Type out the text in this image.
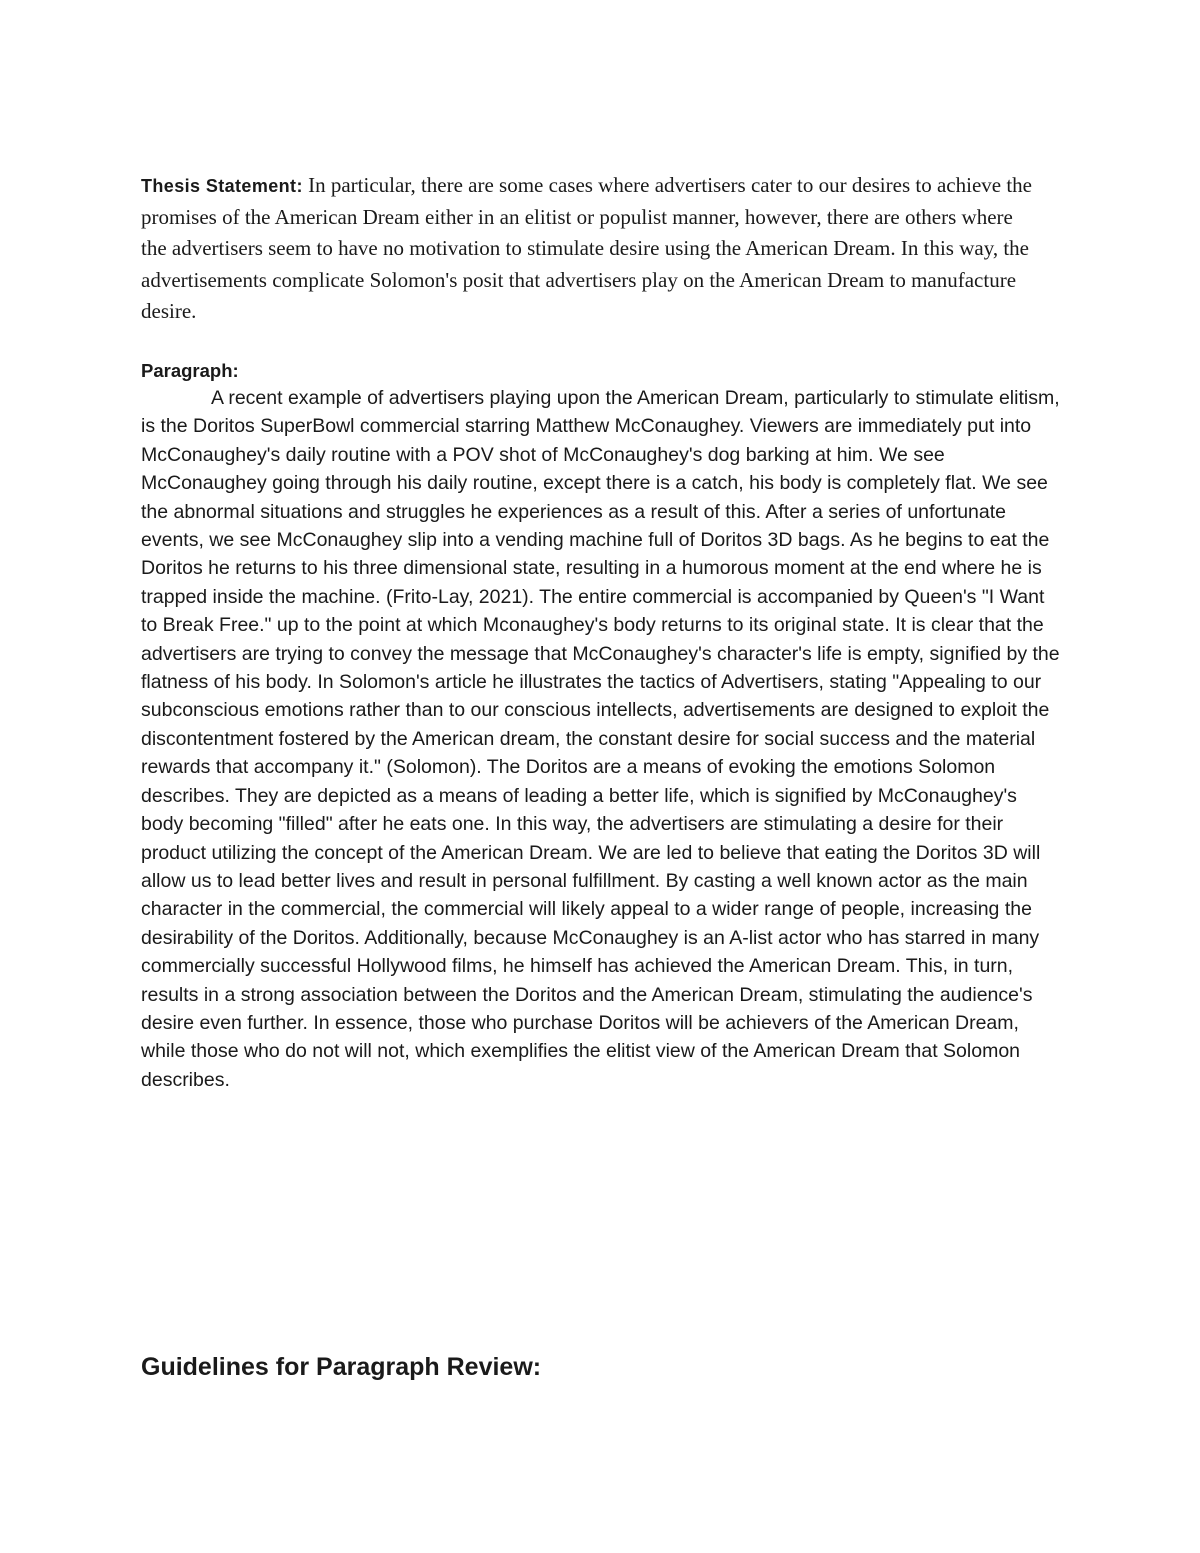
Thesis Statement: In particular, there are some cases where advertisers cater to our desires to achieve the promises of the American Dream either in an elitist or populist manner, however, there are others where the advertisers seem to have no motivation to stimulate desire using the American Dream. In this way, the advertisements complicate Solomon's posit that advertisers play on the American Dream to manufacture desire.

Paragraph:

A recent example of advertisers playing upon the American Dream, particularly to stimulate elitism, is the Doritos SuperBowl commercial starring Matthew McConaughey. Viewers are immediately put into McConaughey's daily routine with a POV shot of McConaughey's dog barking at him. We see McConaughey going through his daily routine, except there is a catch, his body is completely flat. We see the abnormal situations and struggles he experiences as a result of this. After a series of unfortunate events, we see McConaughey slip into a vending machine full of Doritos 3D bags. As he begins to eat the Doritos he returns to his three dimensional state, resulting in a humorous moment at the end where he is trapped inside the machine. (Frito-Lay, 2021). The entire commercial is accompanied by Queen's "I Want to Break Free." up to the point at which Mconaughey's body returns to its original state. It is clear that the advertisers are trying to convey the message that McConaughey's character's life is empty, signified by the flatness of his body. In Solomon's article he illustrates the tactics of Advertisers, stating "Appealing to our subconscious emotions rather than to our conscious intellects, advertisements are designed to exploit the discontentment fostered by the American dream, the constant desire for social success and the material rewards that accompany it." (Solomon). The Doritos are a means of evoking the emotions Solomon describes. They are depicted as a means of leading a better life, which is signified by McConaughey's body becoming "filled" after he eats one. In this way, the advertisers are stimulating a desire for their product utilizing the concept of the American Dream. We are led to believe that eating the Doritos 3D will allow us to lead better lives and result in personal fulfillment. By casting a well known actor as the main character in the commercial, the commercial will likely appeal to a wider range of people, increasing the desirability of the Doritos. Additionally, because McConaughey is an A-list actor who has starred in many commercially successful Hollywood films, he himself has achieved the American Dream. This, in turn, results in a strong association between the Doritos and the American Dream, stimulating the audience's desire even further. In essence, those who purchase Doritos will be achievers of the American Dream, while those who do not will not, which exemplifies the elitist view of the American Dream that Solomon describes.

Guidelines for Paragraph Review:
